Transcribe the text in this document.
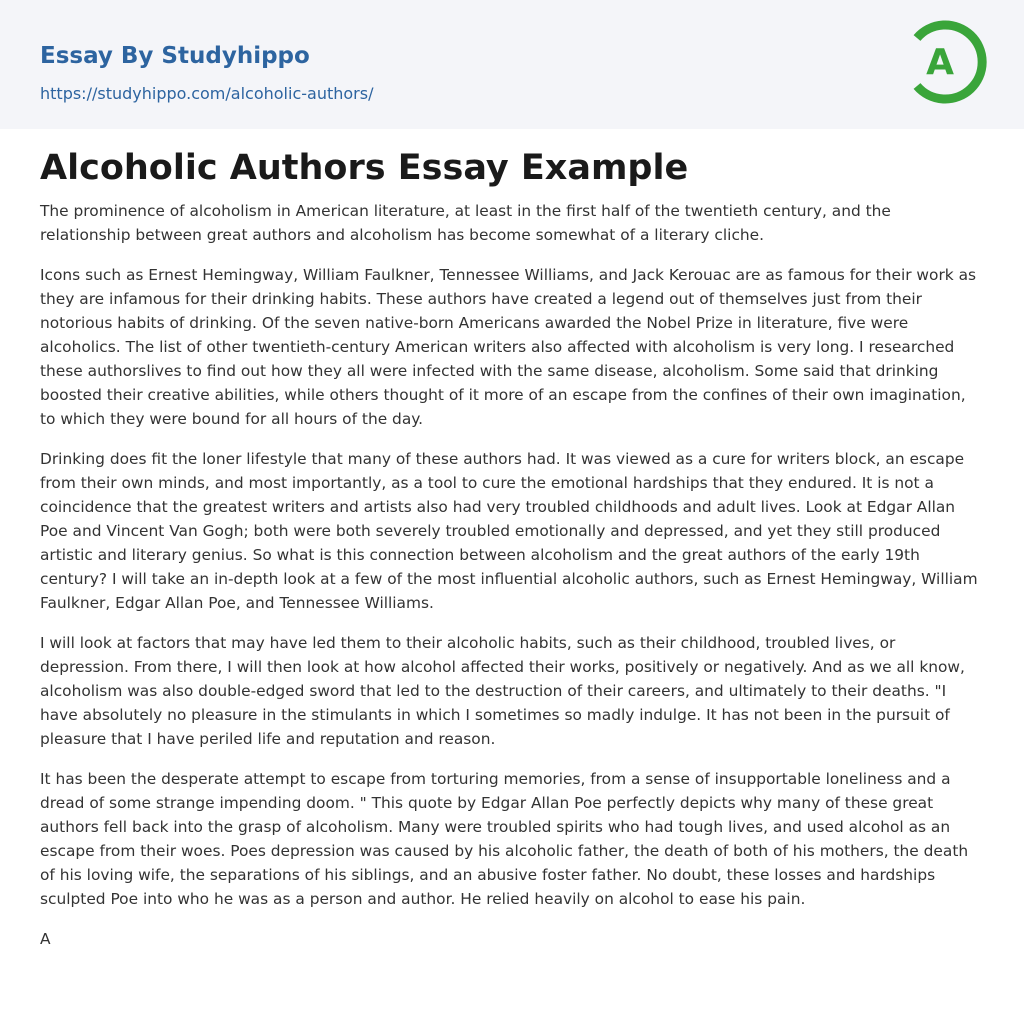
Essay By Studyhippo
https://studyhippo.com/alcoholic-authors/
A
Alcoholic Authors Essay Example

The prominence of alcoholism in American literature, at least in the first half of the twentieth century, and the relationship between great authors and alcoholism has become somewhat of a literary cliche.

Icons such as Ernest Hemingway, William Faulkner, Tennessee Williams, and Jack Kerouac are as famous for their work as they are infamous for their drinking habits. These authors have created a legend out of themselves just from their notorious habits of drinking. Of the seven native-born Americans awarded the Nobel Prize in literature, five were alcoholics. The list of other twentieth-century American writers also affected with alcoholism is very long. I researched these authorslives to find out how they all were infected with the same disease, alcoholism. Some said that drinking boosted their creative abilities, while others thought of it more of an escape from the confines of their own imagination, to which they were bound for all hours of the day.

Drinking does fit the loner lifestyle that many of these authors had. It was viewed as a cure for writers block, an escape from their own minds, and most importantly, as a tool to cure the emotional hardships that they endured. It is not a coincidence that the greatest writers and artists also had very troubled childhoods and adult lives. Look at Edgar Allan Poe and Vincent Van Gogh; both were both severely troubled emotionally and depressed, and yet they still produced artistic and literary genius. So what is this connection between alcoholism and the great authors of the early 19th century? I will take an in-depth look at a few of the most influential alcoholic authors, such as Ernest Hemingway, William Faulkner, Edgar Allan Poe, and Tennessee Williams.

I will look at factors that may have led them to their alcoholic habits, such as their childhood, troubled lives, or depression. From there, I will then look at how alcohol affected their works, positively or negatively. And as we all know, alcoholism was also double-edged sword that led to the destruction of their careers, and ultimately to their deaths. "I have absolutely no pleasure in the stimulants in which I sometimes so madly indulge. It has not been in the pursuit of pleasure that I have periled life and reputation and reason.

It has been the desperate attempt to escape from torturing memories, from a sense of insupportable loneliness and a dread of some strange impending doom. " This quote by Edgar Allan Poe perfectly depicts why many of these great authors fell back into the grasp of alcoholism. Many were troubled spirits who had tough lives, and used alcohol as an escape from their woes. Poes depression was caused by his alcoholic father, the death of both of his mothers, the death of his loving wife, the separations of his siblings, and an abusive foster father. No doubt, these losses and hardships sculpted Poe into who he was as a person and author. He relied heavily on alcohol to ease his pain.

A
